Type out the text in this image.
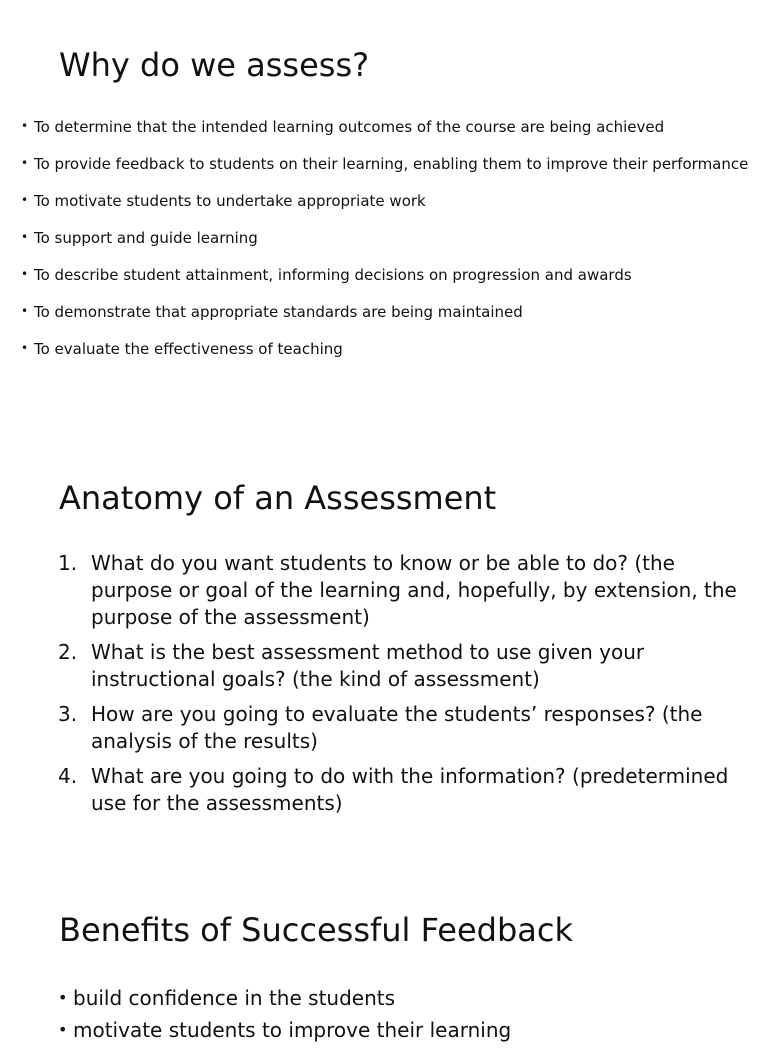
Why do we assess?
• To determine that the intended learning outcomes of the course are being achieved
• To provide feedback to students on their learning, enabling them to improve their performance
• To motivate students to undertake appropriate work
• To support and guide learning
• To describe student attainment, informing decisions on progression and awards
• To demonstrate that appropriate standards are being maintained
• To evaluate the effectiveness of teaching
Anatomy of an Assessment
1. What do you want students to know or be able to do? (the purpose or goal of the learning and, hopefully, by extension, the purpose of the assessment)
2. What is the best assessment method to use given your instructional goals? (the kind of assessment)
3. How are you going to evaluate the students’ responses? (the analysis of the results)
4. What are you going to do with the information? (predetermined use for the assessments)
Benefits of Successful Feedback
• build confidence in the students
• motivate students to improve their learning
